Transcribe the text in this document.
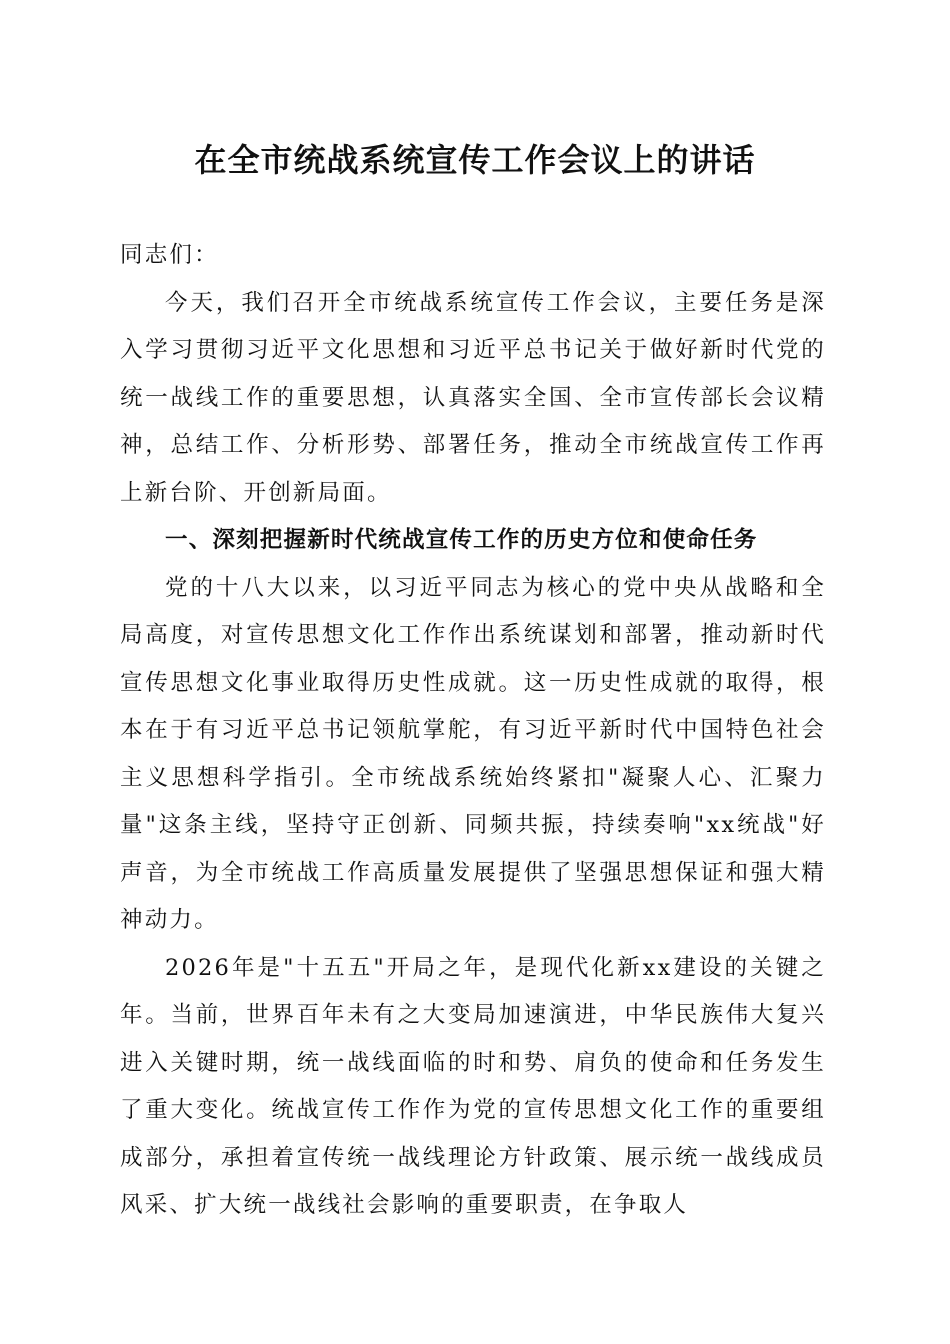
在全市统战系统宣传工作会议上的讲话

同志们：

今天，我们召开全市统战系统宣传工作会议，主要任务是深入学习贯彻习近平文化思想和习近平总书记关于做好新时代党的统一战线工作的重要思想，认真落实全国、全市宣传部长会议精神，总结工作、分析形势、部署任务，推动全市统战宣传工作再上新台阶、开创新局面。

一、深刻把握新时代统战宣传工作的历史方位和使命任务

党的十八大以来，以习近平同志为核心的党中央从战略和全局高度，对宣传思想文化工作作出系统谋划和部署，推动新时代宣传思想文化事业取得历史性成就。这一历史性成就的取得，根本在于有习近平总书记领航掌舵，有习近平新时代中国特色社会主义思想科学指引。全市统战系统始终紧扣"凝聚人心、汇聚力量"这条主线，坚持守正创新、同频共振，持续奏响"xx统战"好声音，为全市统战工作高质量发展提供了坚强思想保证和强大精神动力。

2026年是"十五五"开局之年，是现代化新xx建设的关键之年。当前，世界百年未有之大变局加速演进，中华民族伟大复兴进入关键时期，统一战线面临的时和势、肩负的使命和任务发生了重大变化。统战宣传工作作为党的宣传思想文化工作的重要组成部分，承担着宣传统一战线理论方针政策、展示统一战线成员风采、扩大统一战线社会影响的重要职责，在争取人
